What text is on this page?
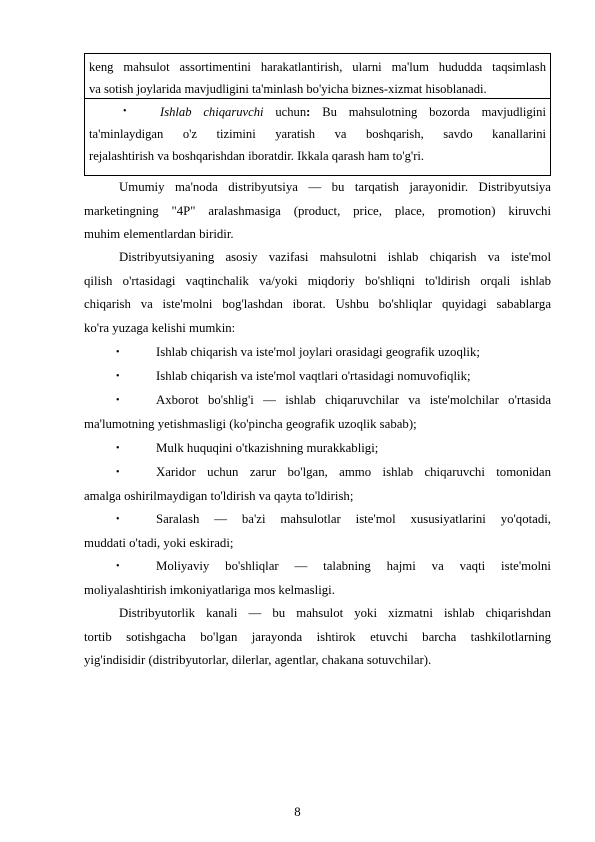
keng mahsulot assortimentini harakatlantirish, ularni ma'lum hududda taqsimlash
va sotish joylarida mavjudligini ta'minlash bo'yicha biznes-xizmat hisoblanadi.
•	Ishlab chiqaruvchi uchun: Bu mahsulotning bozorda mavjudligini
ta'minlaydigan o'z tizimini yaratish va boshqarish, savdo kanallarini
rejalashtirish va boshqarishdan iboratdir. Ikkala qarash ham to'g'ri.
Umumiy ma'noda distribyutsiya — bu tarqatish jarayonidir. Distribyutsiya
marketingning "4P" aralashmasiga (product, price, place, promotion) kiruvchi
muhim elementlardan biridir.
Distribyutsiyaning asosiy vazifasi mahsulotni ishlab chiqarish va iste'mol
qilish o'rtasidagi vaqtinchalik va/yoki miqdoriy bo'shliqni to'ldirish orqali ishlab
chiqarish va iste'molni bog'lashdan iborat. Ushbu bo'shliqlar quyidagi sabablarga
ko'ra yuzaga kelishi mumkin:
•	Ishlab chiqarish va iste'mol joylari orasidagi geografik uzoqlik;
•	Ishlab chiqarish va iste'mol vaqtlari o'rtasidagi nomuvofiqlik;
•	Axborot bo'shlig'i — ishlab chiqaruvchilar va iste'molchilar o'rtasida
ma'lumotning yetishmasligi (ko'pincha geografik uzoqlik sabab);
•	Mulk huquqini o'tkazishning murakkabligi;
•	Xaridor uchun zarur bo'lgan, ammo ishlab chiqaruvchi tomonidan
amalga oshirilmaydigan to'ldirish va qayta to'ldirish;
•	Saralash — ba'zi mahsulotlar iste'mol xususiyatlarini yo'qotadi,
muddati o'tadi, yoki eskiradi;
•	Moliyaviy bo'shliqlar — talabning hajmi va vaqti iste'molni
moliyalashtirish imkoniyatlariga mos kelmasligi.
Distribyutorlik kanali — bu mahsulot yoki xizmatni ishlab chiqarishdan
tortib sotishgacha bo'lgan jarayonda ishtirok etuvchi barcha tashkilotlarning
yig'indisidir (distribyutorlar, dilerlar, agentlar, chakana sotuvchilar).
8
